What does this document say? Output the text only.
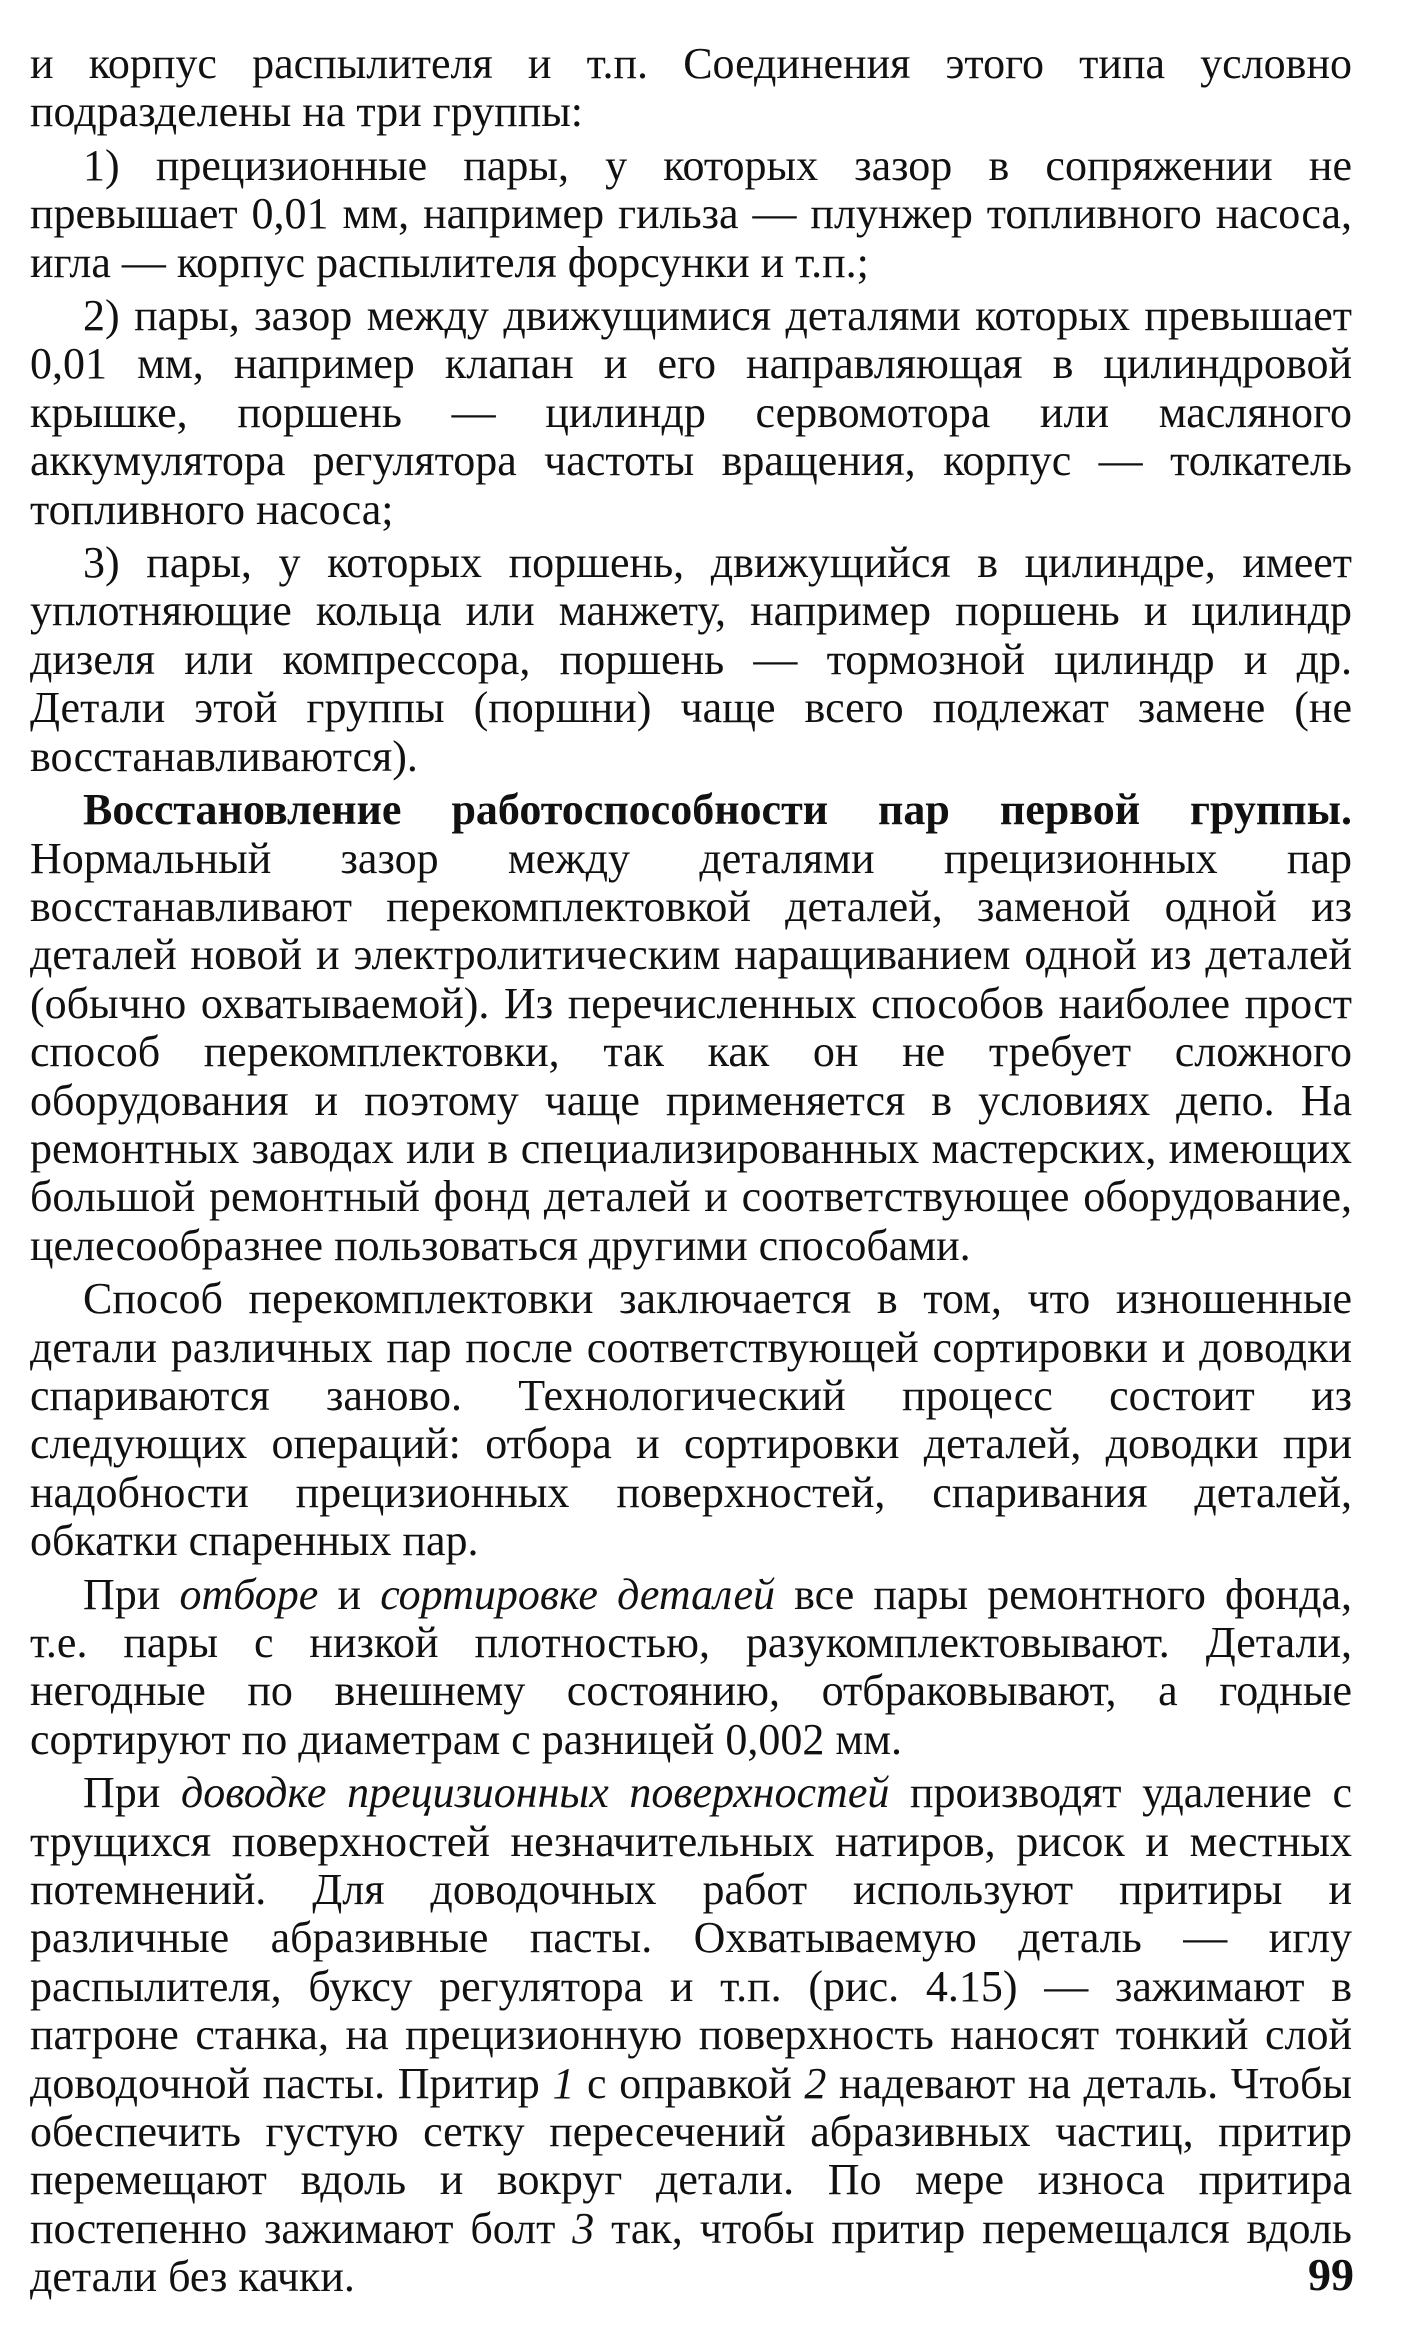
и корпус распылителя и т.п. Соединения этого типа условно подразделены на три группы:

1) прецизионные пары, у которых зазор в сопряжении не превышает 0,01 мм, например гильза — плунжер топливного насоса, игла — корпус распылителя форсунки и т.п.;

2) пары, зазор между движущимися деталями которых превышает 0,01 мм, например клапан и его направляющая в цилиндровой крышке, поршень — цилиндр сервомотора или масляного аккумулятора регулятора частоты вращения, корпус — толкатель топливного насоса;

3) пары, у которых поршень, движущийся в цилиндре, имеет уплотняющие кольца или манжету, например поршень и цилиндр дизеля или компрессора, поршень — тормозной цилиндр и др. Детали этой группы (поршни) чаще всего подлежат замене (не восстанавливаются).

Восстановление работоспособности пар первой группы. Нормальный зазор между деталями прецизионных пар восстанавливают перекомплектовкой деталей, заменой одной из деталей новой и электролитическим наращиванием одной из деталей (обычно охватываемой). Из перечисленных способов наиболее прост способ перекомплектовки, так как он не требует сложного оборудования и поэтому чаще применяется в условиях депо. На ремонтных заводах или в специализированных мастерских, имеющих большой ремонтный фонд деталей и соответствующее оборудование, целесообразнее пользоваться другими способами.

Способ перекомплектовки заключается в том, что изношенные детали различных пар после соответствующей сортировки и доводки спариваются заново. Технологический процесс состоит из следующих операций: отбора и сортировки деталей, доводки при надобности прецизионных поверхностей, спаривания деталей, обкатки спаренных пар.

При отборе и сортировке деталей все пары ремонтного фонда, т.е. пары с низкой плотностью, разукомплектовывают. Детали, негодные по внешнему состоянию, отбраковывают, а годные сортируют по диаметрам с разницей 0,002 мм.

При доводке прецизионных поверхностей производят удаление с трущихся поверхностей незначительных натиров, рисок и местных потемнений. Для доводочных работ используют притиры и различные абразивные пасты. Охватываемую деталь — иглу распылителя, буксу регулятора и т.п. (рис. 4.15) — зажимают в патроне станка, на прецизионную поверхность наносят тонкий слой доводочной пасты. Притир 1 с оправкой 2 надевают на деталь. Чтобы обеспечить густую сетку пересечений абразивных частиц, притир перемещают вдоль и вокруг детали. По мере износа притира постепенно зажимают болт 3 так, чтобы притир перемещался вдоль детали без качки.	99
